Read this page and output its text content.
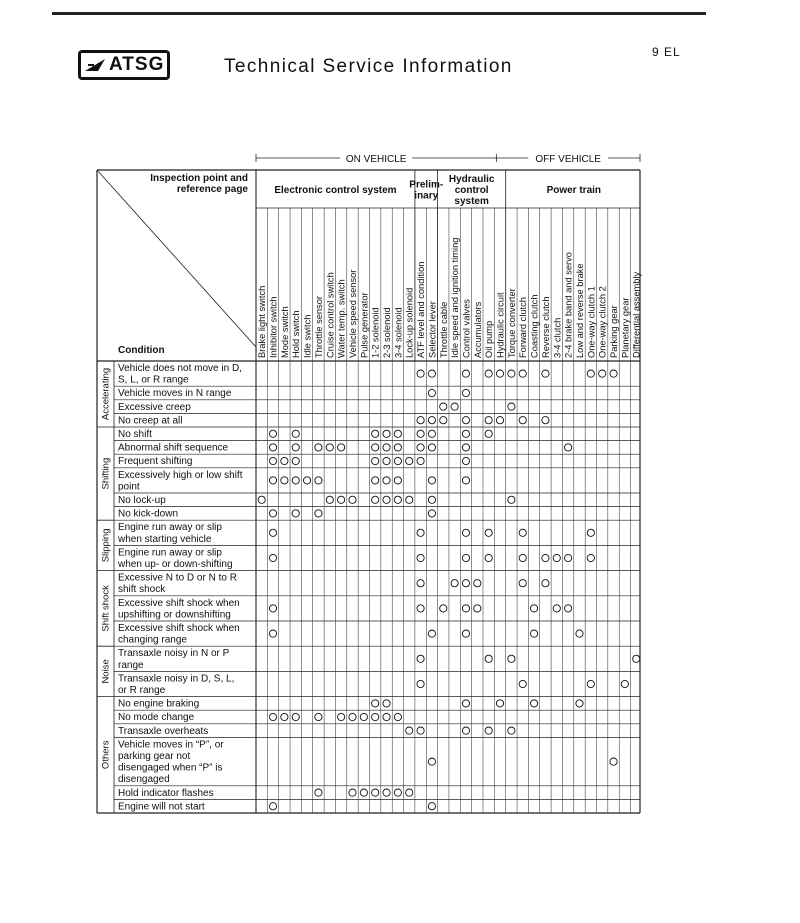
ATSG	Technical Service Information
9 EL
ON VEHICLE	OFF VEHICLE
Inspection point and
reference page
Condition
Electronic control system Prelim-
inary
Hydraulic
control
system
Power train
Brake light switch Inhibitor switch Mode switch Hold switch Idle switch Throttle sensor Cruise control switch Water temp. switch Vehicle speed sensor Pulse generator 1-2 solenoid 2-3 solenoid 3-4 solenoid Lock-up solenoid ATF level and condition Selector lever Throttle cable Idle speed and ignition timing Control valves Accumulators Oil pump Hydraulic circuit Torque converter Forward clutch Coasting clutch Reverse clutch 3-4 clutch 2-4 brake band and servo Low and reverse brake One-way clutch 1 One-way clutch 2 Parking gear Planetary gear Differential assembly
Accelerating
Shifting
Slipping
Shift shock
Noise
Others
Vehicle does not move in D,
S, L, or R range
Vehicle moves in N range
Excessive creep
No creep at all
No shift
Abnormal shift sequence
Frequent shifting
Excessively high or low shift
point
No lock-up
No kick-down
Engine run away or slip
when starting vehicle
Engine run away or slip
when up- or down-shifting
Excessive N to D or N to R
shift shock
Excessive shift shock when
upshifting or downshifting
Excessive shift shock when
changing range
Transaxle noisy in N or P
range
Transaxle noisy in D, S, L,
or R range
No engine braking
No mode change
Transaxle overheats
Vehicle moves in “P”, or
parking gear not
disengaged when “P” is
disengaged
Hold indicator flashes
Engine will not start
